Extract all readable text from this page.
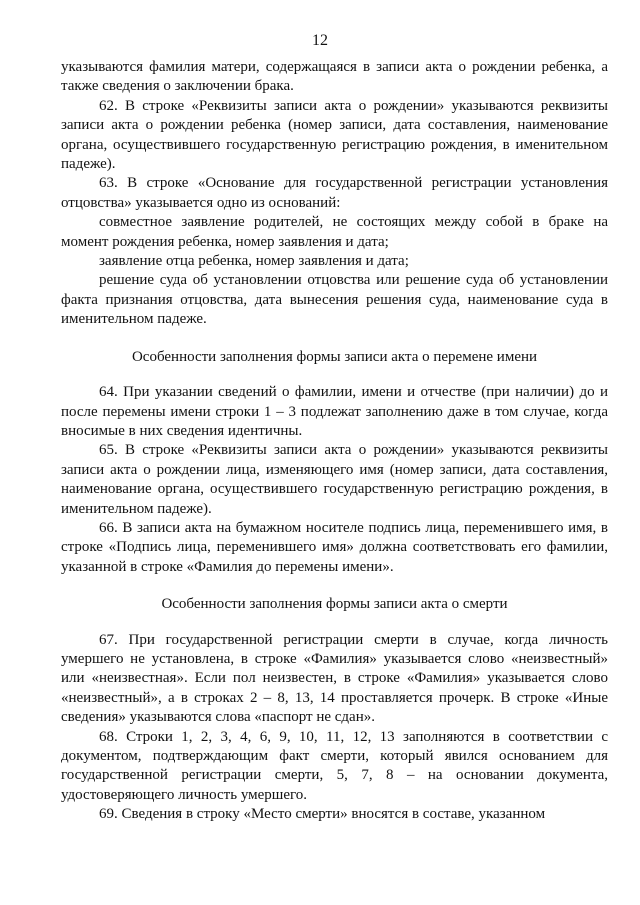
12

указываются фамилия матери, содержащаяся в записи акта о рождении ребенка, а также сведения о заключении брака.

62. В строке «Реквизиты записи акта о рождении» указываются реквизиты записи акта о рождении ребенка (номер записи, дата составления, наименование органа, осуществившего государственную регистрацию рождения, в именительном падеже).

63. В строке «Основание для государственной регистрации установления отцовства» указывается одно из оснований:

совместное заявление родителей, не состоящих между собой в браке на момент рождения ребенка, номер заявления и дата;

заявление отца ребенка, номер заявления и дата;

решение суда об установлении отцовства или решение суда об установлении факта признания отцовства, дата вынесения решения суда, наименование суда в именительном падеже.

Особенности заполнения формы записи акта о перемене имени

64. При указании сведений о фамилии, имени и отчестве (при наличии) до и после перемены имени строки 1 – 3 подлежат заполнению даже в том случае, когда вносимые в них сведения идентичны.

65. В строке «Реквизиты записи акта о рождении» указываются реквизиты записи акта о рождении лица, изменяющего имя (номер записи, дата составления, наименование органа, осуществившего государственную регистрацию рождения, в именительном падеже).

66. В записи акта на бумажном носителе подпись лица, переменившего имя, в строке «Подпись лица, переменившего имя» должна соответствовать его фамилии, указанной в строке «Фамилия до перемены имени».

Особенности заполнения формы записи акта о смерти

67. При государственной регистрации смерти в случае, когда личность умершего не установлена, в строке «Фамилия» указывается слово «неизвестный» или «неизвестная». Если пол неизвестен, в строке «Фамилия» указывается слово «неизвестный», а в строках 2 – 8, 13, 14 проставляется прочерк. В строке «Иные сведения» указываются слова «паспорт не сдан».

68. Строки 1, 2, 3, 4, 6, 9, 10, 11, 12, 13 заполняются в соответствии с документом, подтверждающим факт смерти, который явился основанием для государственной регистрации смерти, 5, 7, 8 – на основании документа, удостоверяющего личность умершего.

69. Сведения в строку «Место смерти» вносятся в составе, указанном
